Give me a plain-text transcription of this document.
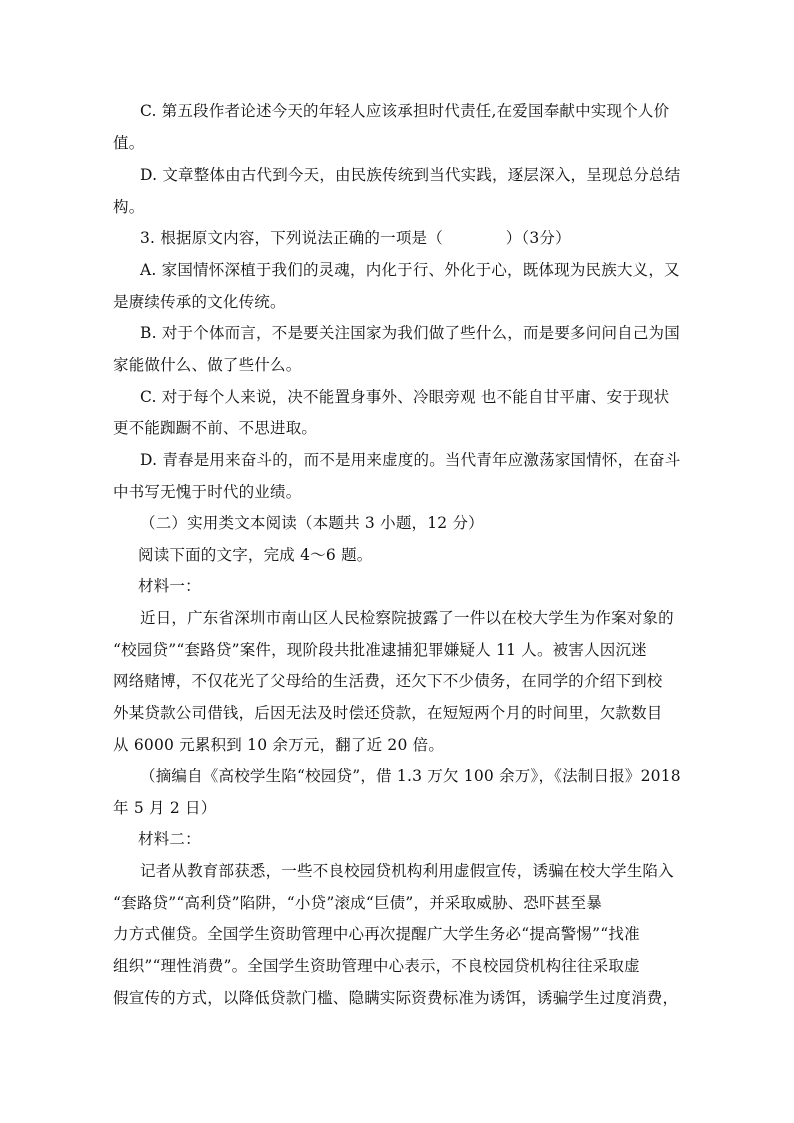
C. 第五段作者论述今天的年轻人应该承担时代责任,在爱国奉献中实现个人价
值。
D. 文章整体由古代到今天，由民族传统到当代实践，逐层深入，呈现总分总结
构。
3. 根据原文内容，下列说法正确的一项是（　　　　）（3分）
A. 家国情怀深植于我们的灵魂，内化于行、外化于心，既体现为民族大义，又
是赓续传承的文化传统。
B. 对于个体而言，不是要关注国家为我们做了些什么，而是要多问问自己为国
家能做什么、做了些什么。
C. 对于每个人来说，决不能置身事外、冷眼旁观 也不能自甘平庸、安于现状
更不能踟蹰不前、不思进取。
D. 青春是用来奋斗的，而不是用来虚度的。当代青年应激荡家国情怀，在奋斗
中书写无愧于时代的业绩。
（二）实用类文本阅读（本题共 3 小题，12 分）
阅读下面的文字，完成 4～6 题。
材料一：
近日，广东省深圳市南山区人民检察院披露了一件以在校大学生为作案对象的
“校园贷”“套路贷”案件，现阶段共批准逮捕犯罪嫌疑人 11 人。被害人因沉迷
网络赌博，不仅花光了父母给的生活费，还欠下不少债务，在同学的介绍下到校
外某贷款公司借钱，后因无法及时偿还贷款，在短短两个月的时间里，欠款数目
从 6000 元累积到 10 余万元，翻了近 20 倍。
（摘编自《高校学生陷“校园贷”，借 1.3 万欠 100 余万》，《法制日报》2018
年 5 月 2 日）
材料二：
记者从教育部获悉，一些不良校园贷机构利用虚假宣传，诱骗在校大学生陷入
“套路贷”“高利贷”陷阱，“小贷”滚成“巨债”，并采取威胁、恐吓甚至暴
力方式催贷。全国学生资助管理中心再次提醒广大学生务必“提高警惕”“找准
组织”“理性消费”。全国学生资助管理中心表示，不良校园贷机构往往采取虚
假宣传的方式，以降低贷款门槛、隐瞒实际资费标准为诱饵，诱骗学生过度消费，
